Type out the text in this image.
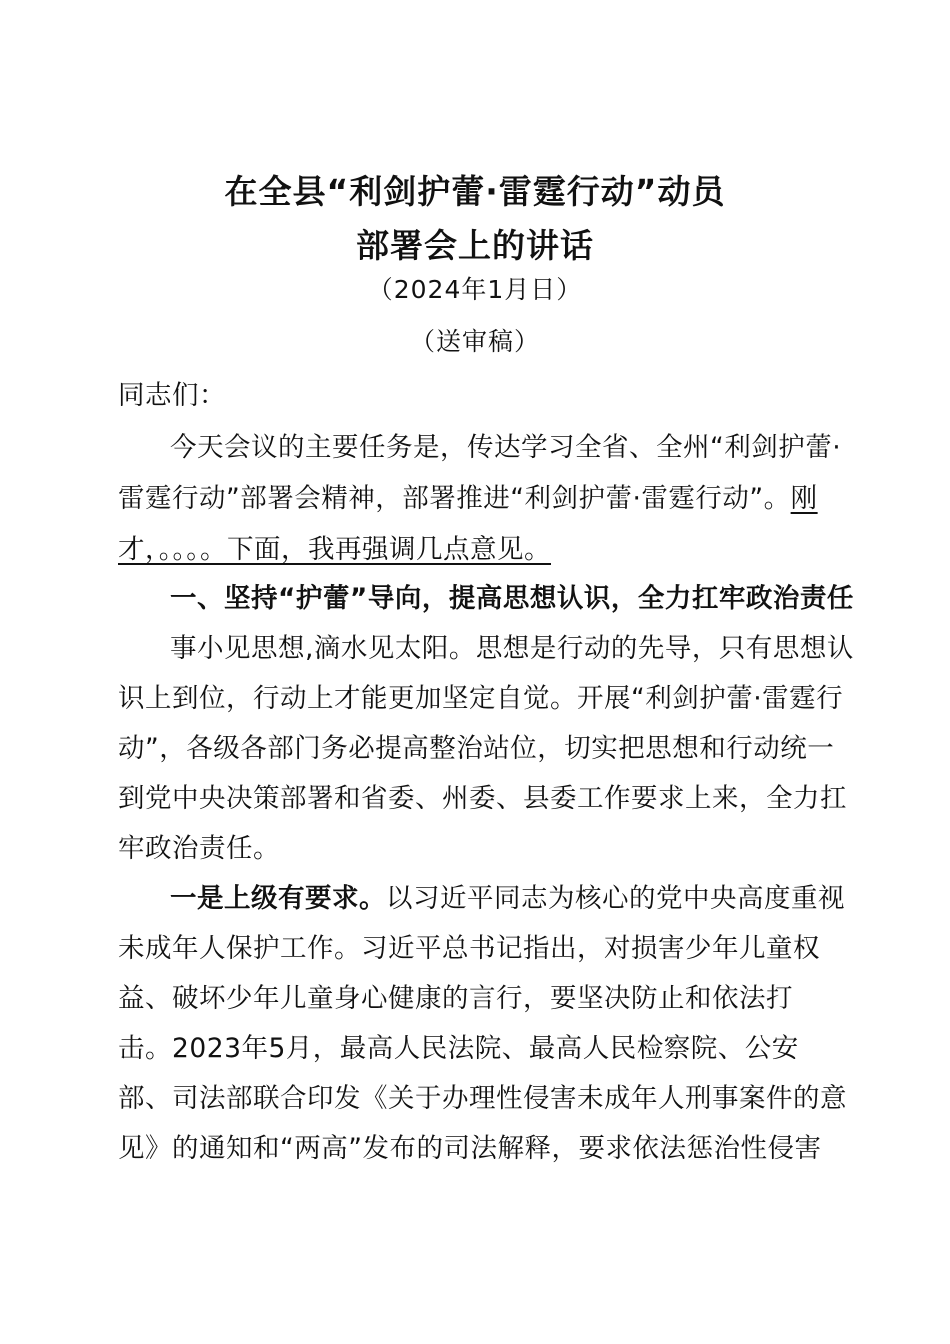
在全县“利剑护蕾·雷霆行动”动员
部署会上的讲话
（2024年1月日）
（送审稿）
同志们：
今天会议的主要任务是，传达学习全省、全州“利剑护蕾·
雷霆行动”部署会精神，部署推进“利剑护蕾·雷霆行动”。刚
才，。。。。下面，我再强调几点意见。
一、坚持“护蕾”导向，提高思想认识，全力扛牢政治责任
事小见思想,滴水见太阳。思想是行动的先导，只有思想认
识上到位，行动上才能更加坚定自觉。开展“利剑护蕾·雷霆行
动”，各级各部门务必提高整治站位，切实把思想和行动统一
到党中央决策部署和省委、州委、县委工作要求上来，全力扛
牢政治责任。
一是上级有要求。以习近平同志为核心的党中央高度重视
未成年人保护工作。习近平总书记指出，对损害少年儿童权
益、破坏少年儿童身心健康的言行，要坚决防止和依法打
击。2023年5月，最高人民法院、最高人民检察院、公安
部、司法部联合印发《关于办理性侵害未成年人刑事案件的意
见》的通知和“两高”发布的司法解释，要求依法惩治性侵害
